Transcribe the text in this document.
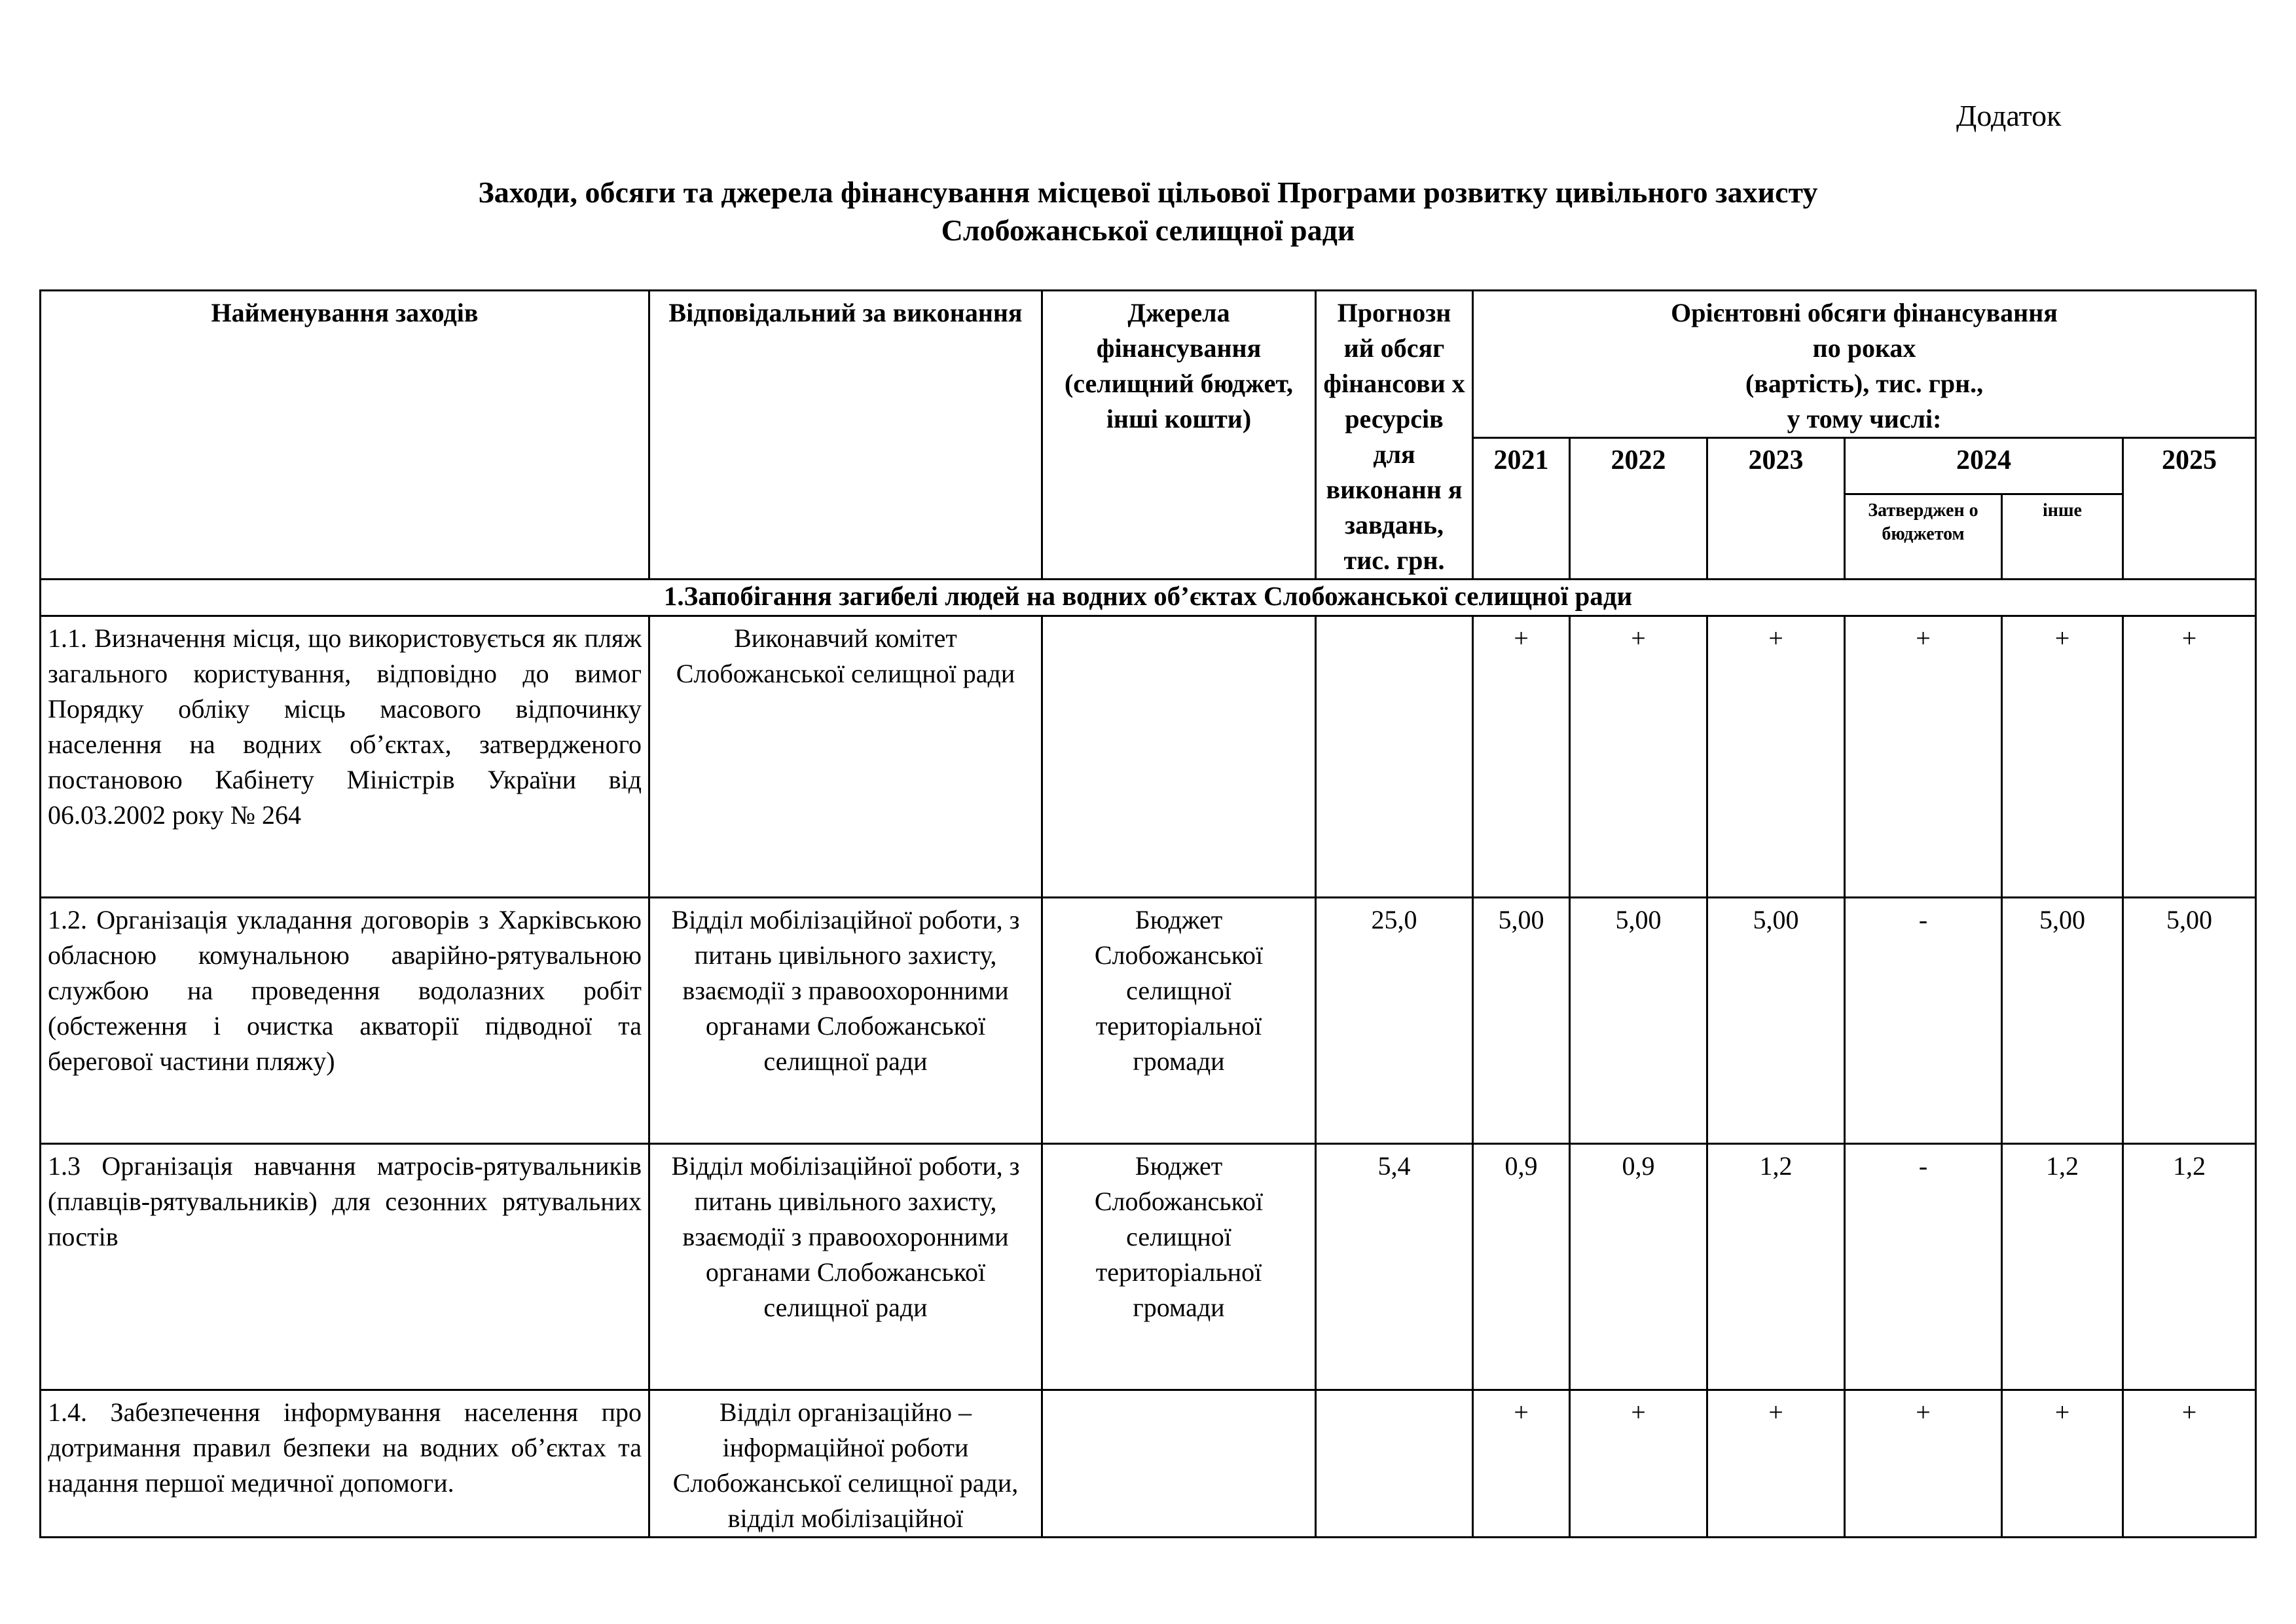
Додаток
Заходи, обсяги та джерела фінансування місцевої цільової Програми розвитку цивільного захисту
Слобожанської селищної ради
Найменування заходів	Відповідальний за виконання	Джерела фінансування (селищний бюджет, інші кошти)	Прогнозн ий обсяг фінансови х ресурсів для виконанн я завдань, тис. грн.	Орієнтовні обсяги фінансування
по роках
(вартість), тис. грн.,
у тому числі:					

				2021	2022	2023	2024		2025
							Затверджен о бюджетом	інше	
1.Запобігання загибелі людей на водних об’єктах Слобожанської селищної ради									
1.1. Визначення місця, що використовується як пляж загального користування, відповідно до вимог Порядку обліку місць масового відпочинку населення на водних об’єктах, затвердженого постановою Кабінету Міністрів України від 06.03.2002 року № 264	Виконавчий комітет Слобожанської селищної ради			+	+	+	+	+	+
1.2. Організація укладання договорів з Харківською обласною комунальною аварійно-рятувальною службою на проведення водолазних робіт (обстеження і очистка акваторії підводної та берегової частини пляжу)	Відділ мобілізаційної роботи, з питань цивільного захисту, взаємодії з правоохоронними органами Слобожанської селищної ради	Бюджет Слобожанської селищної територіальної громади	25,0	5,00	5,00	5,00	-	5,00	5,00
1.3 Організація навчання матросів-рятувальників (плавців-рятувальників) для сезонних рятувальних постів	Відділ мобілізаційної роботи, з питань цивільного захисту, взаємодії з правоохоронними органами Слобожанської селищної ради	Бюджет Слобожанської селищної територіальної громади	5,4	0,9	0,9	1,2	-	1,2	1,2
1.4. Забезпечення інформування населення про дотримання правил безпеки на водних об’єктах та надання першої медичної допомоги.	Відділ організаційно – інформаційної роботи Слобожанської селищної ради, відділ мобілізаційної			+	+	+	+	+	+
